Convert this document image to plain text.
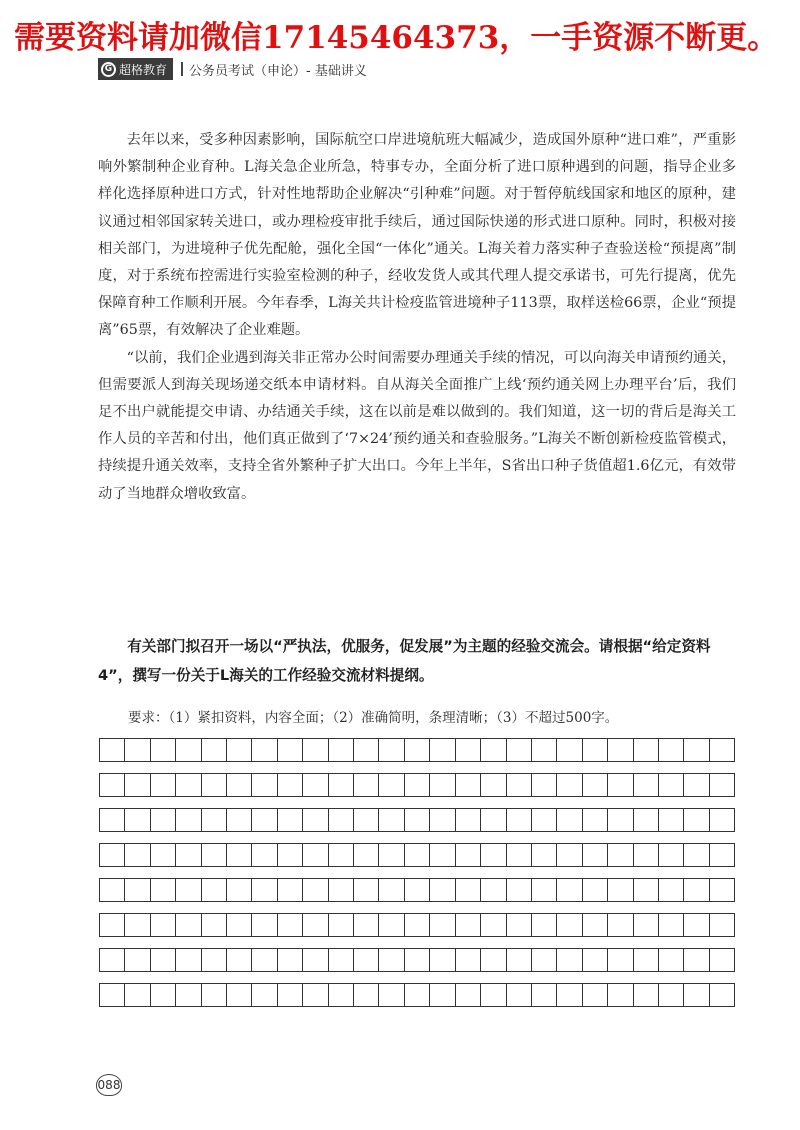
需要资料请加微信17145464373，一手资源不断更。
G 超格教育 公务员考试（申论）- 基础讲义

去年以来，受多种因素影响，国际航空口岸进境航班大幅减少，造成国外原种“进口难”，严重影响外繁制种企业育种。L海关急企业所急，特事专办，全面分析了进口原种遇到的问题，指导企业多样化选择原种进口方式，针对性地帮助企业解决“引种难”问题。对于暂停航线国家和地区的原种，建议通过相邻国家转关进口，或办理检疫审批手续后，通过国际快递的形式进口原种。同时，积极对接相关部门，为进境种子优先配舱，强化全国“一体化”通关。L海关着力落实种子查验送检“预提离”制度，对于系统布控需进行实验室检测的种子，经收发货人或其代理人提交承诺书，可先行提离，优先保障育种工作顺利开展。今年春季，L海关共计检疫监管进境种子113票，取样送检66票，企业“预提离”65票，有效解决了企业难题。

“以前，我们企业遇到海关非正常办公时间需要办理通关手续的情况，可以向海关申请预约通关，但需要派人到海关现场递交纸本申请材料。自从海关全面推广上线‘预约通关网上办理平台’后，我们足不出户就能提交申请、办结通关手续，这在以前是难以做到的。我们知道，这一切的背后是海关工作人员的辛苦和付出，他们真正做到了‘7×24’预约通关和查验服务。”L海关不断创新检疫监管模式，持续提升通关效率，支持全省外繁种子扩大出口。今年上半年，S省出口种子货值超1.6亿元，有效带动了当地群众增收致富。

有关部门拟召开一场以“严执法，优服务，促发展”为主题的经验交流会。请根据“给定资料4”，撰写一份关于L海关的工作经验交流材料提纲。

要求：（1）紧扣资料，内容全面；（2）准确简明，条理清晰；（3）不超过500字。
088
